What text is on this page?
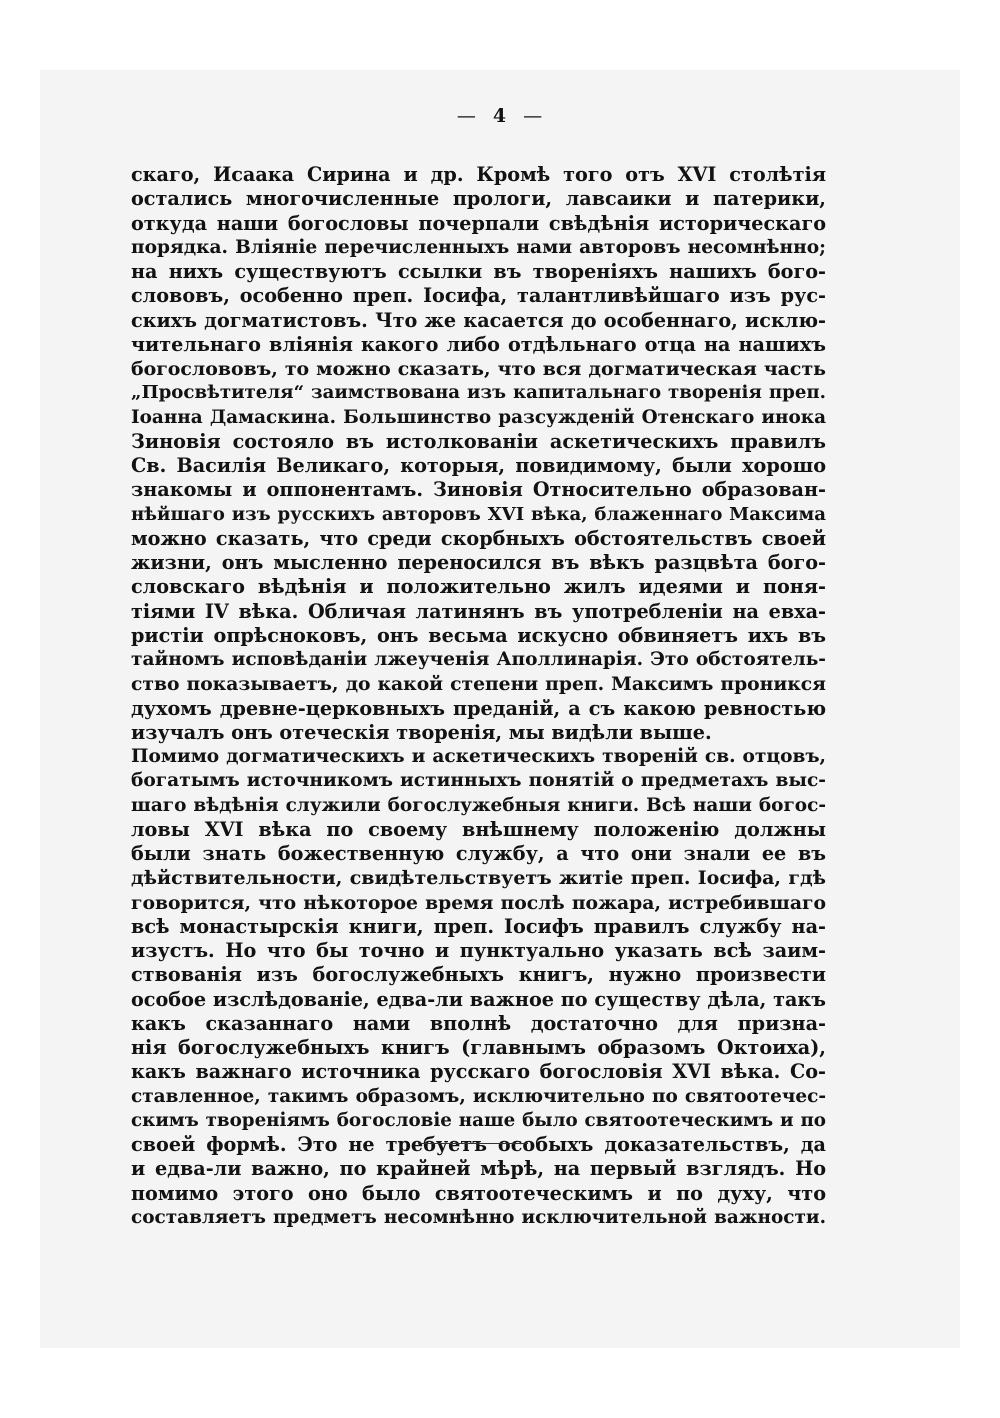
— 4 —
скаго, Исаака Сирина и др. Кромѣ того отъ XVI столѣтія
остались многочисленные прологи, лавсаики и патерики,
откуда наши богословы почерпали свѣдѣнія историческаго
порядка. Вліяніе перечисленныхъ нами авторовъ несомнѣнно;
на нихъ существуютъ ссылки въ твореніяхъ нашихъ бого-
слововъ, особенно преп. Іосифа, талантливѣйшаго изъ рус-
скихъ догматистовъ. Что же касается до особеннаго, исклю-
чительнаго вліянія какого либо отдѣльнаго отца на нашихъ
богослововъ, то можно сказать, что вся догматическая часть
„Просвѣтителя“ заимствована изъ капитальнаго творенія преп.
Іоанна Дамаскина. Большинство разсужденій Отенскаго инока
Зиновія состояло въ истолкованіи аскетическихъ правилъ
Св. Василія Великаго, которыя, повидимому, были хорошо
знакомы и оппонентамъ. Зиновія Относительно образован-
нѣйшаго изъ русскихъ авторовъ XVI вѣка, блаженнаго Максима
можно сказать, что среди скорбныхъ обстоятельствъ своей
жизни, онъ мысленно переносился въ вѣкъ разцвѣта бого-
словскаго вѣдѣнія и положительно жилъ идеями и поня-
тіями IV вѣка. Обличая латинянъ въ употребленіи на евха-
ристіи опрѣсноковъ, онъ весьма искусно обвиняетъ ихъ въ
тайномъ исповѣданіи лжеученія Аполлинарія. Это обстоятель-
ство показываетъ, до какой степени преп. Максимъ проникся
духомъ древне-церковныхъ преданій, а съ какою ревностью
изучалъ онъ отеческія творенія, мы видѣли выше.
Помимо догматическихъ и аскетическихъ твореній св. отцовъ,
богатымъ источникомъ истинныхъ понятій о предметахъ выс-
шаго вѣдѣнія служили богослужебныя книги. Всѣ наши богос-
ловы XVI вѣка по своему внѣшнему положенію должны
были знать божественную службу, а что они знали ее въ
дѣйствительности, свидѣтельствуетъ житіе преп. Іосифа, гдѣ
говорится, что нѣкоторое время послѣ пожара, истребившаго
всѣ монастырскія книги, преп. Іосифъ правилъ службу на-
изустъ. Но что бы точно и пунктуально указать всѣ заим-
ствованія изъ богослужебныхъ книгъ, нужно произвести
особое изслѣдованіе, едва-ли важное по существу дѣла, такъ
какъ сказаннаго нами вполнѣ достаточно для призна-
нія богослужебныхъ книгъ (главнымъ образомъ Октоиха),
какъ важнаго источника русскаго богословія XVI вѣка. Со-
ставленное, такимъ образомъ, исключительно по святоотечес-
скимъ твореніямъ богословіе наше было святоотеческимъ и по
своей формѣ. Это не требуетъ особыхъ доказательствъ, да
и едва-ли важно, по крайней мѣрѣ, на первый взглядъ. Но
помимо этого оно было святоотеческимъ и по духу, что
составляетъ предметъ несомнѣнно исключительной важности.
